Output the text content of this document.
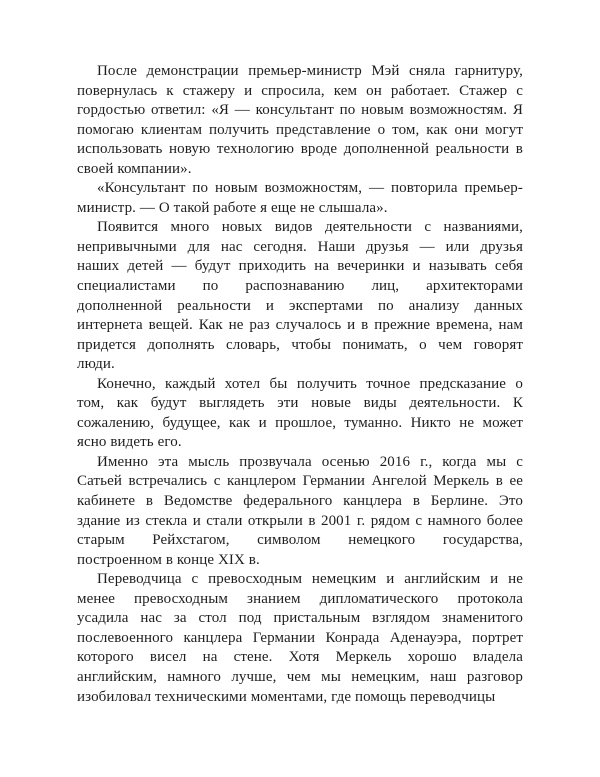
После демонстрации премьер-министр Мэй сняла гарнитуру,
повернулась к стажеру и спросила, кем он работает. Стажер с
гордостью ответил: «Я — консультант по новым возможностям. Я
помогаю клиентам получить представление о том, как они могут
использовать новую технологию вроде дополненной реальности в
своей компании».

«Консультант по новым возможностям, — повторила премьер-
министр. — О такой работе я еще не слышала».

Появится много новых видов деятельности с названиями,
непривычными для нас сегодня. Наши друзья — или друзья
наших детей — будут приходить на вечеринки и называть себя
специалистами по распознаванию лиц, архитекторами
дополненной реальности и экспертами по анализу данных
интернета вещей. Как не раз случалось и в прежние времена, нам
придется дополнять словарь, чтобы понимать, о чем говорят
люди.

Конечно, каждый хотел бы получить точное предсказание о
том, как будут выглядеть эти новые виды деятельности. К
сожалению, будущее, как и прошлое, туманно. Никто не может
ясно видеть его.

Именно эта мысль прозвучала осенью 2016 г., когда мы с
Сатьей встречались с канцлером Германии Ангелой Меркель в ее
кабинете в Ведомстве федерального канцлера в Берлине. Это
здание из стекла и стали открыли в 2001 г. рядом с намного более
старым Рейхстагом, символом немецкого государства,
построенном в конце XIX в.

Переводчица с превосходным немецким и английским и не
менее превосходным знанием дипломатического протокола
усадила нас за стол под пристальным взглядом знаменитого
послевоенного канцлера Германии Конрада Аденауэра, портрет
которого висел на стене. Хотя Меркель хорошо владела
английским, намного лучше, чем мы немецким, наш разговор
изобиловал техническими моментами, где помощь переводчицы
